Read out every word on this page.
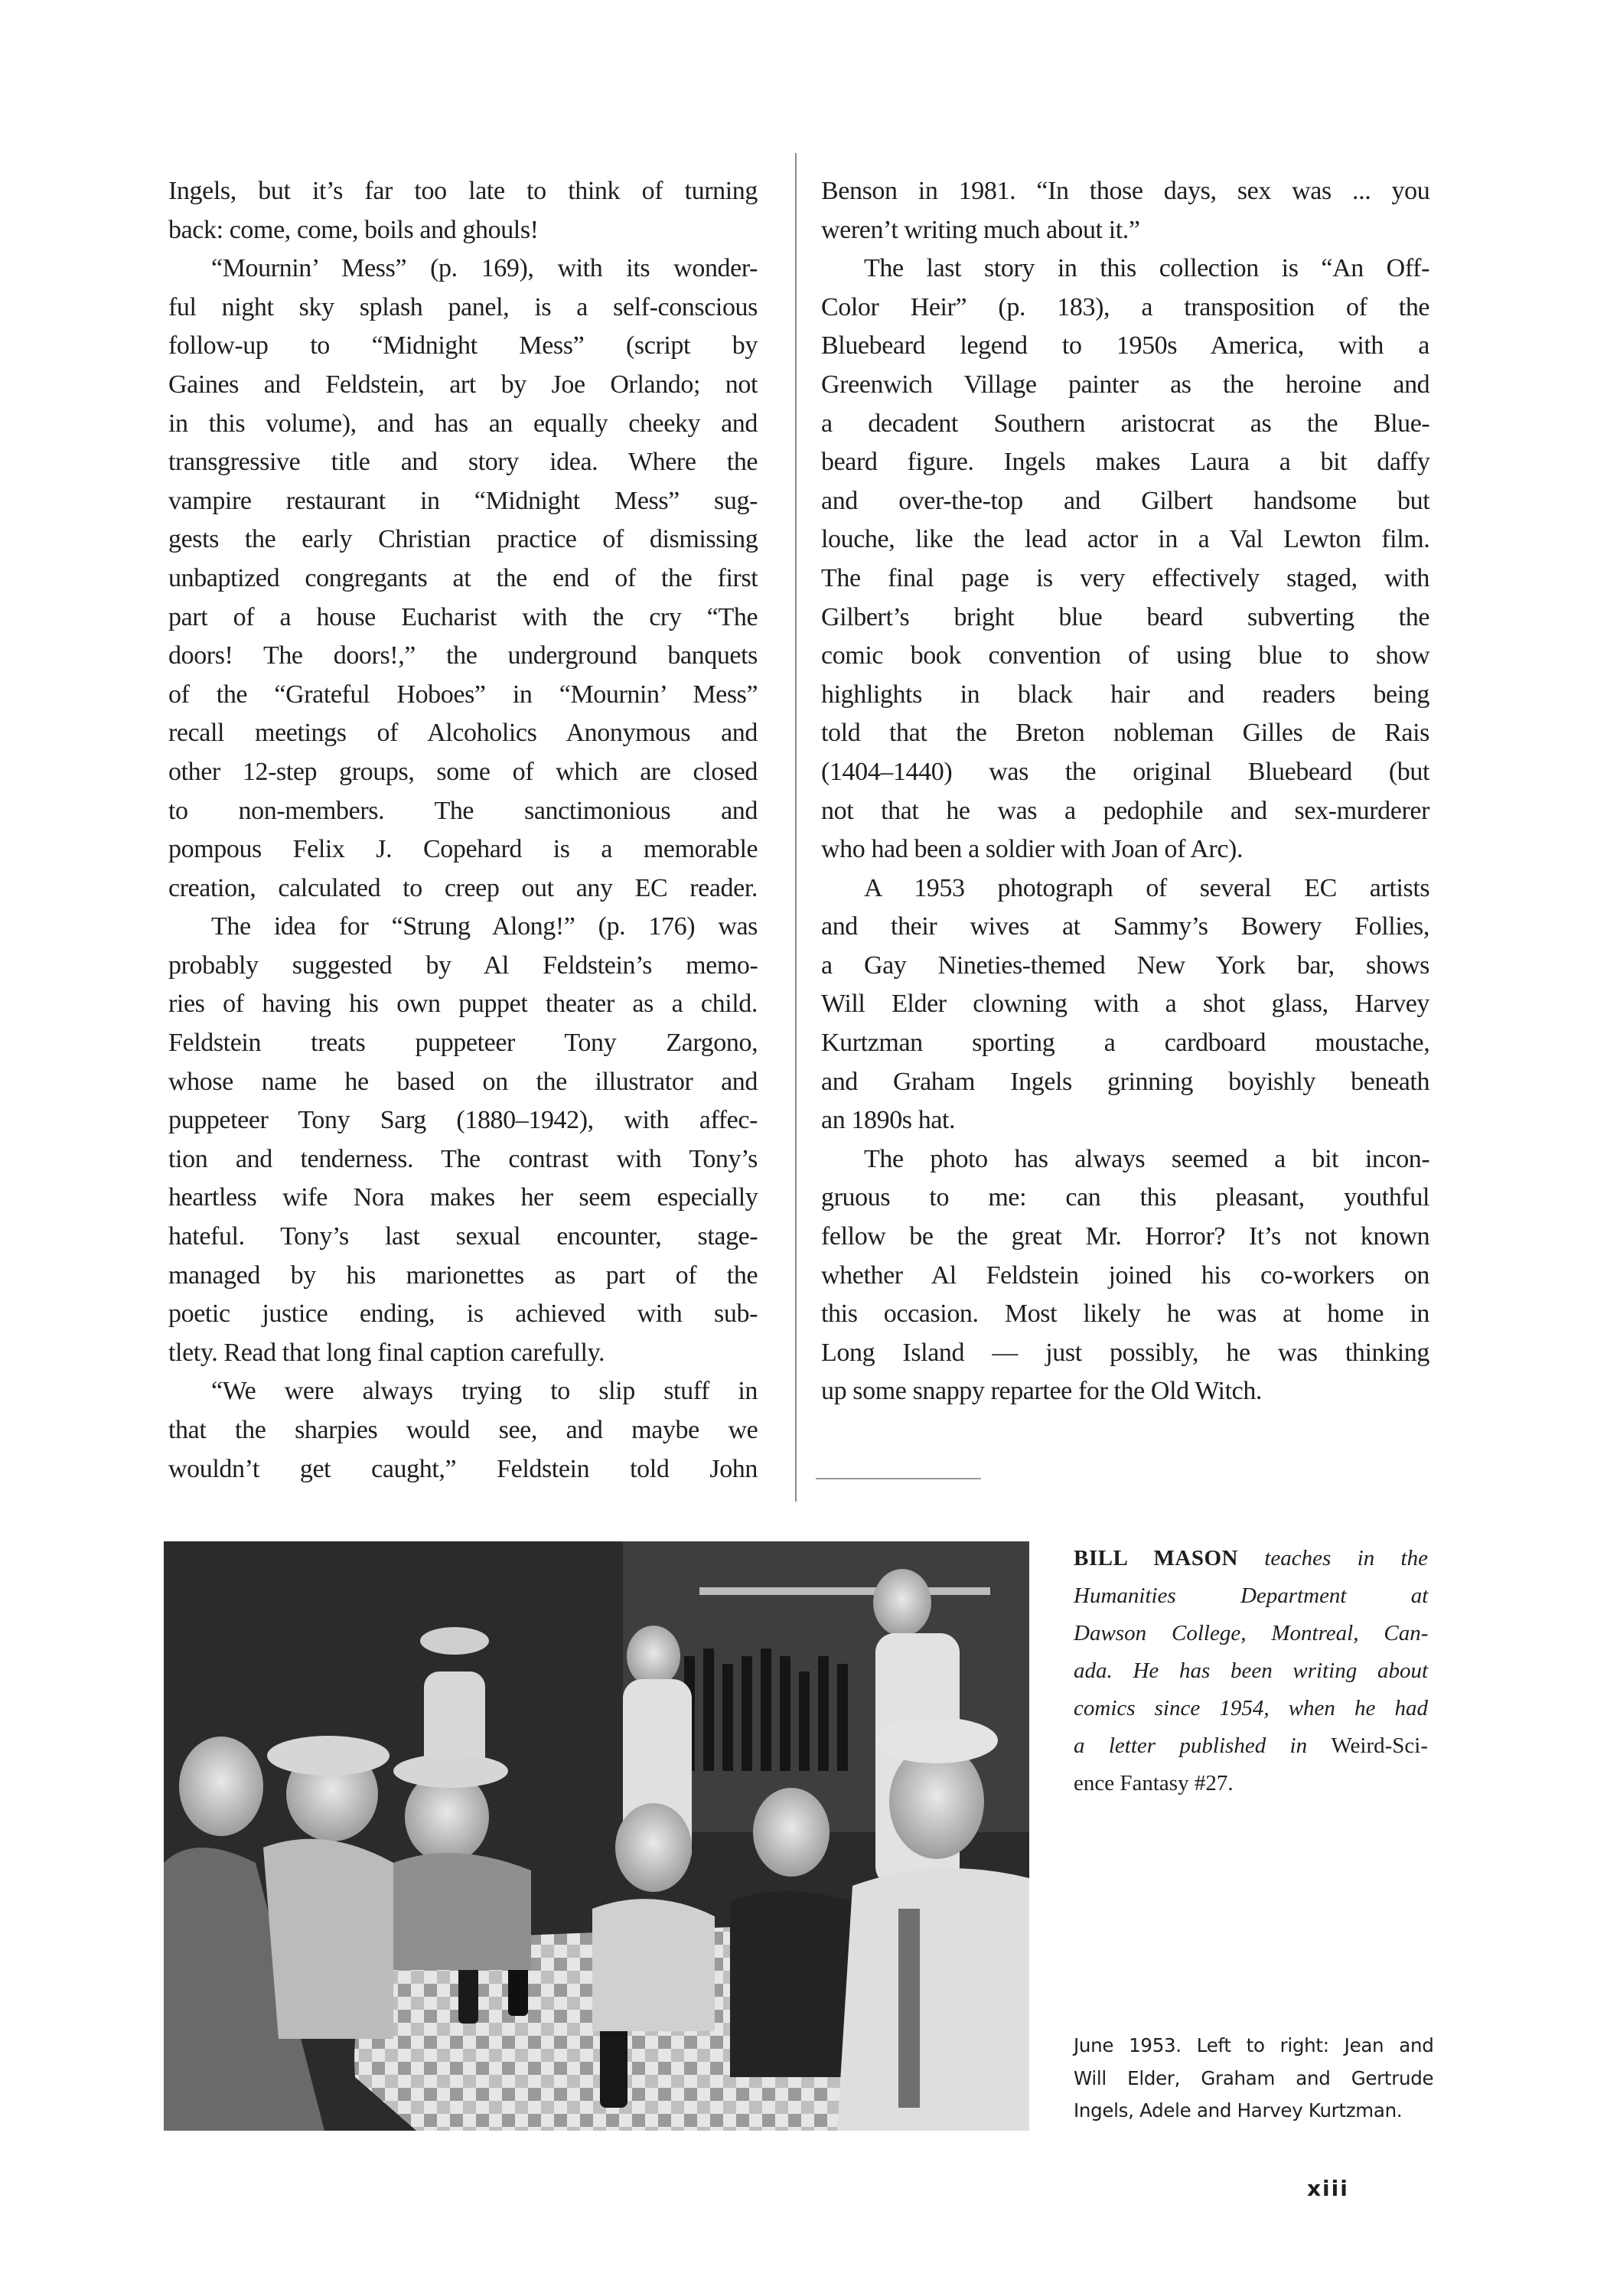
Ingels, but it’s far too late to think of turning
back: come, come, boils and ghouls!
“Mournin’ Mess” (p. 169), with its wonder-
ful night sky splash panel, is a self-conscious
follow-up to “Midnight Mess” (script by
Gaines and Feldstein, art by Joe Orlando; not
in this volume), and has an equally cheeky and
transgressive title and story idea. Where the
vampire restaurant in “Midnight Mess” sug-
gests the early Christian practice of dismissing
unbaptized congregants at the end of the first
part of a house Eucharist with the cry “The
doors! The doors!,” the underground banquets
of the “Grateful Hoboes” in “Mournin’ Mess”
recall meetings of Alcoholics Anonymous and
other 12-step groups, some of which are closed
to non-members. The sanctimonious and
pompous Felix J. Copehard is a memorable
creation, calculated to creep out any EC reader.
The idea for “Strung Along!” (p. 176) was
probably suggested by Al Feldstein’s memo-
ries of having his own puppet theater as a child.
Feldstein treats puppeteer Tony Zargono,
whose name he based on the illustrator and
puppeteer Tony Sarg (1880–1942), with affec-
tion and tenderness. The contrast with Tony’s
heartless wife Nora makes her seem especially
hateful. Tony’s last sexual encounter, stage-
managed by his marionettes as part of the
poetic justice ending, is achieved with sub-
tlety. Read that long final caption carefully.
“We were always trying to slip stuff in
that the sharpies would see, and maybe we
wouldn’t get caught,” Feldstein told John
Benson in 1981. “In those days, sex was ... you
weren’t writing much about it.”
The last story in this collection is “An Off-
Color Heir” (p. 183), a transposition of the
Bluebeard legend to 1950s America, with a
Greenwich Village painter as the heroine and
a decadent Southern aristocrat as the Blue-
beard figure. Ingels makes Laura a bit daffy
and over-the-top and Gilbert handsome but
louche, like the lead actor in a Val Lewton film.
The final page is very effectively staged, with
Gilbert’s bright blue beard subverting the
comic book convention of using blue to show
highlights in black hair and readers being
told that the Breton nobleman Gilles de Rais
(1404–1440) was the original Bluebeard (but
not that he was a pedophile and sex-murderer
who had been a soldier with Joan of Arc).
A 1953 photograph of several EC artists
and their wives at Sammy’s Bowery Follies,
a Gay Nineties-themed New York bar, shows
Will Elder clowning with a shot glass, Harvey
Kurtzman sporting a cardboard moustache,
and Graham Ingels grinning boyishly beneath
an 1890s hat.
The photo has always seemed a bit incon-
gruous to me: can this pleasant, youthful
fellow be the great Mr. Horror? It’s not known
whether Al Feldstein joined his co-workers on
this occasion. Most likely he was at home in
Long Island — just possibly, he was thinking
up some snappy repartee for the Old Witch.
BILL MASON teaches in the
Humanities Department at
Dawson College, Montreal, Can-
ada. He has been writing about
comics since 1954, when he had
a letter published in Weird-Sci-
ence Fantasy #27.
June 1953. Left to right: Jean and
Will Elder, Graham and Gertrude
Ingels, Adele and Harvey Kurtzman.
xiii
